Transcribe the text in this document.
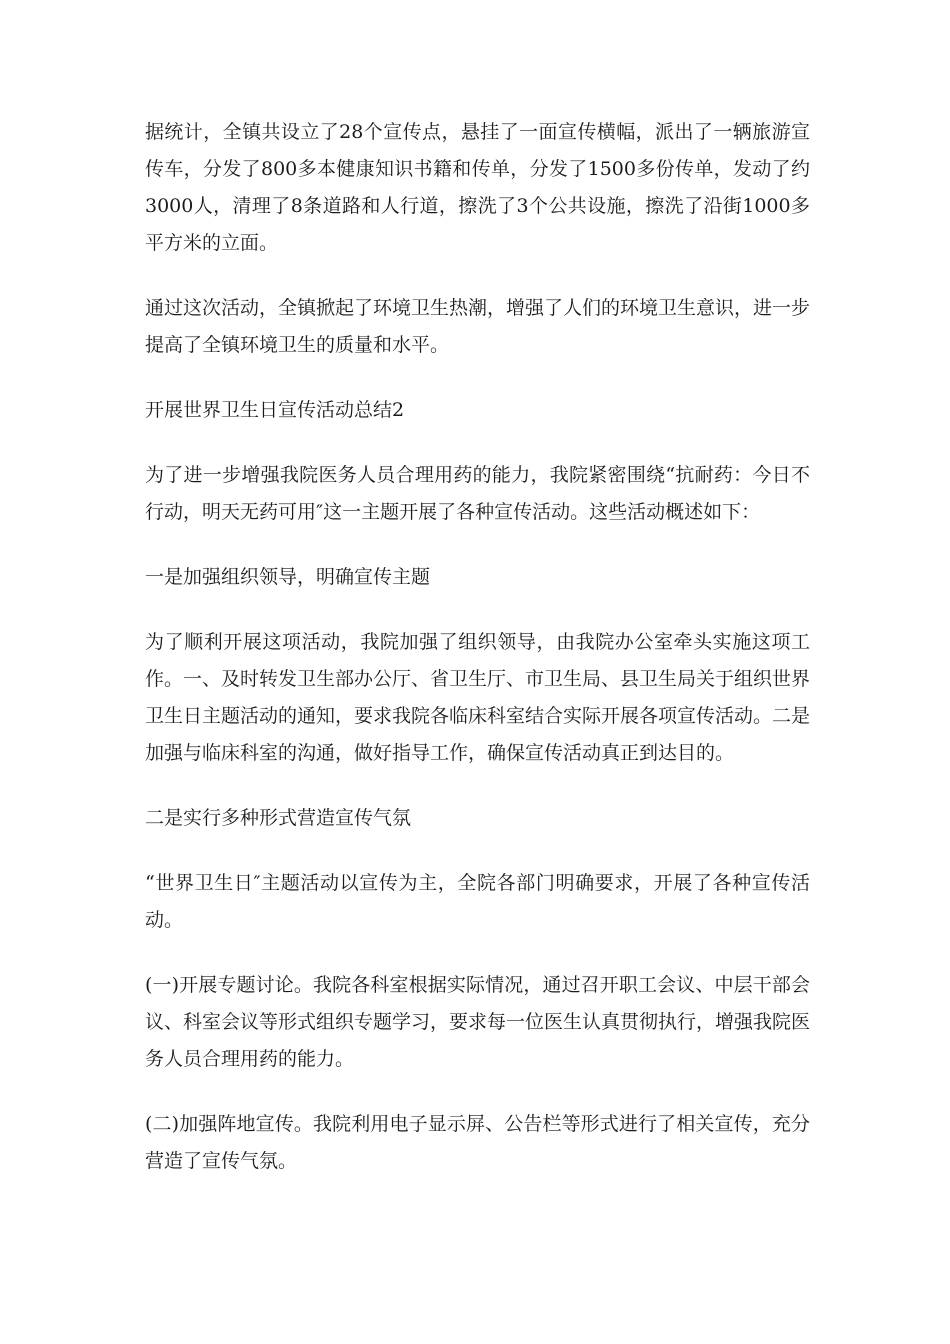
据统计，全镇共设立了28个宣传点，悬挂了一面宣传横幅，派出了一辆旅游宣传车，分发了800多本健康知识书籍和传单，分发了1500多份传单，发动了约3000人，清理了8条道路和人行道，擦洗了3个公共设施，擦洗了沿街1000多平方米的立面。

通过这次活动，全镇掀起了环境卫生热潮，增强了人们的环境卫生意识，进一步提高了全镇环境卫生的质量和水平。

开展世界卫生日宣传活动总结2

为了进一步增强我院医务人员合理用药的能力，我院紧密围绕“抗耐药：今日不行动，明天无药可用″这一主题开展了各种宣传活动。这些活动概述如下：

一是加强组织领导，明确宣传主题

为了顺利开展这项活动，我院加强了组织领导，由我院办公室牵头实施这项工作。一、及时转发卫生部办公厅、省卫生厅、市卫生局、县卫生局关于组织世界卫生日主题活动的通知，要求我院各临床科室结合实际开展各项宣传活动。二是加强与临床科室的沟通，做好指导工作，确保宣传活动真正到达目的。

二是实行多种形式营造宣传气氛

“世界卫生日″主题活动以宣传为主，全院各部门明确要求，开展了各种宣传活动。

(一)开展专题讨论。我院各科室根据实际情况，通过召开职工会议、中层干部会议、科室会议等形式组织专题学习，要求每一位医生认真贯彻执行，增强我院医务人员合理用药的能力。

(二)加强阵地宣传。我院利用电子显示屏、公告栏等形式进行了相关宣传，充分营造了宣传气氛。
